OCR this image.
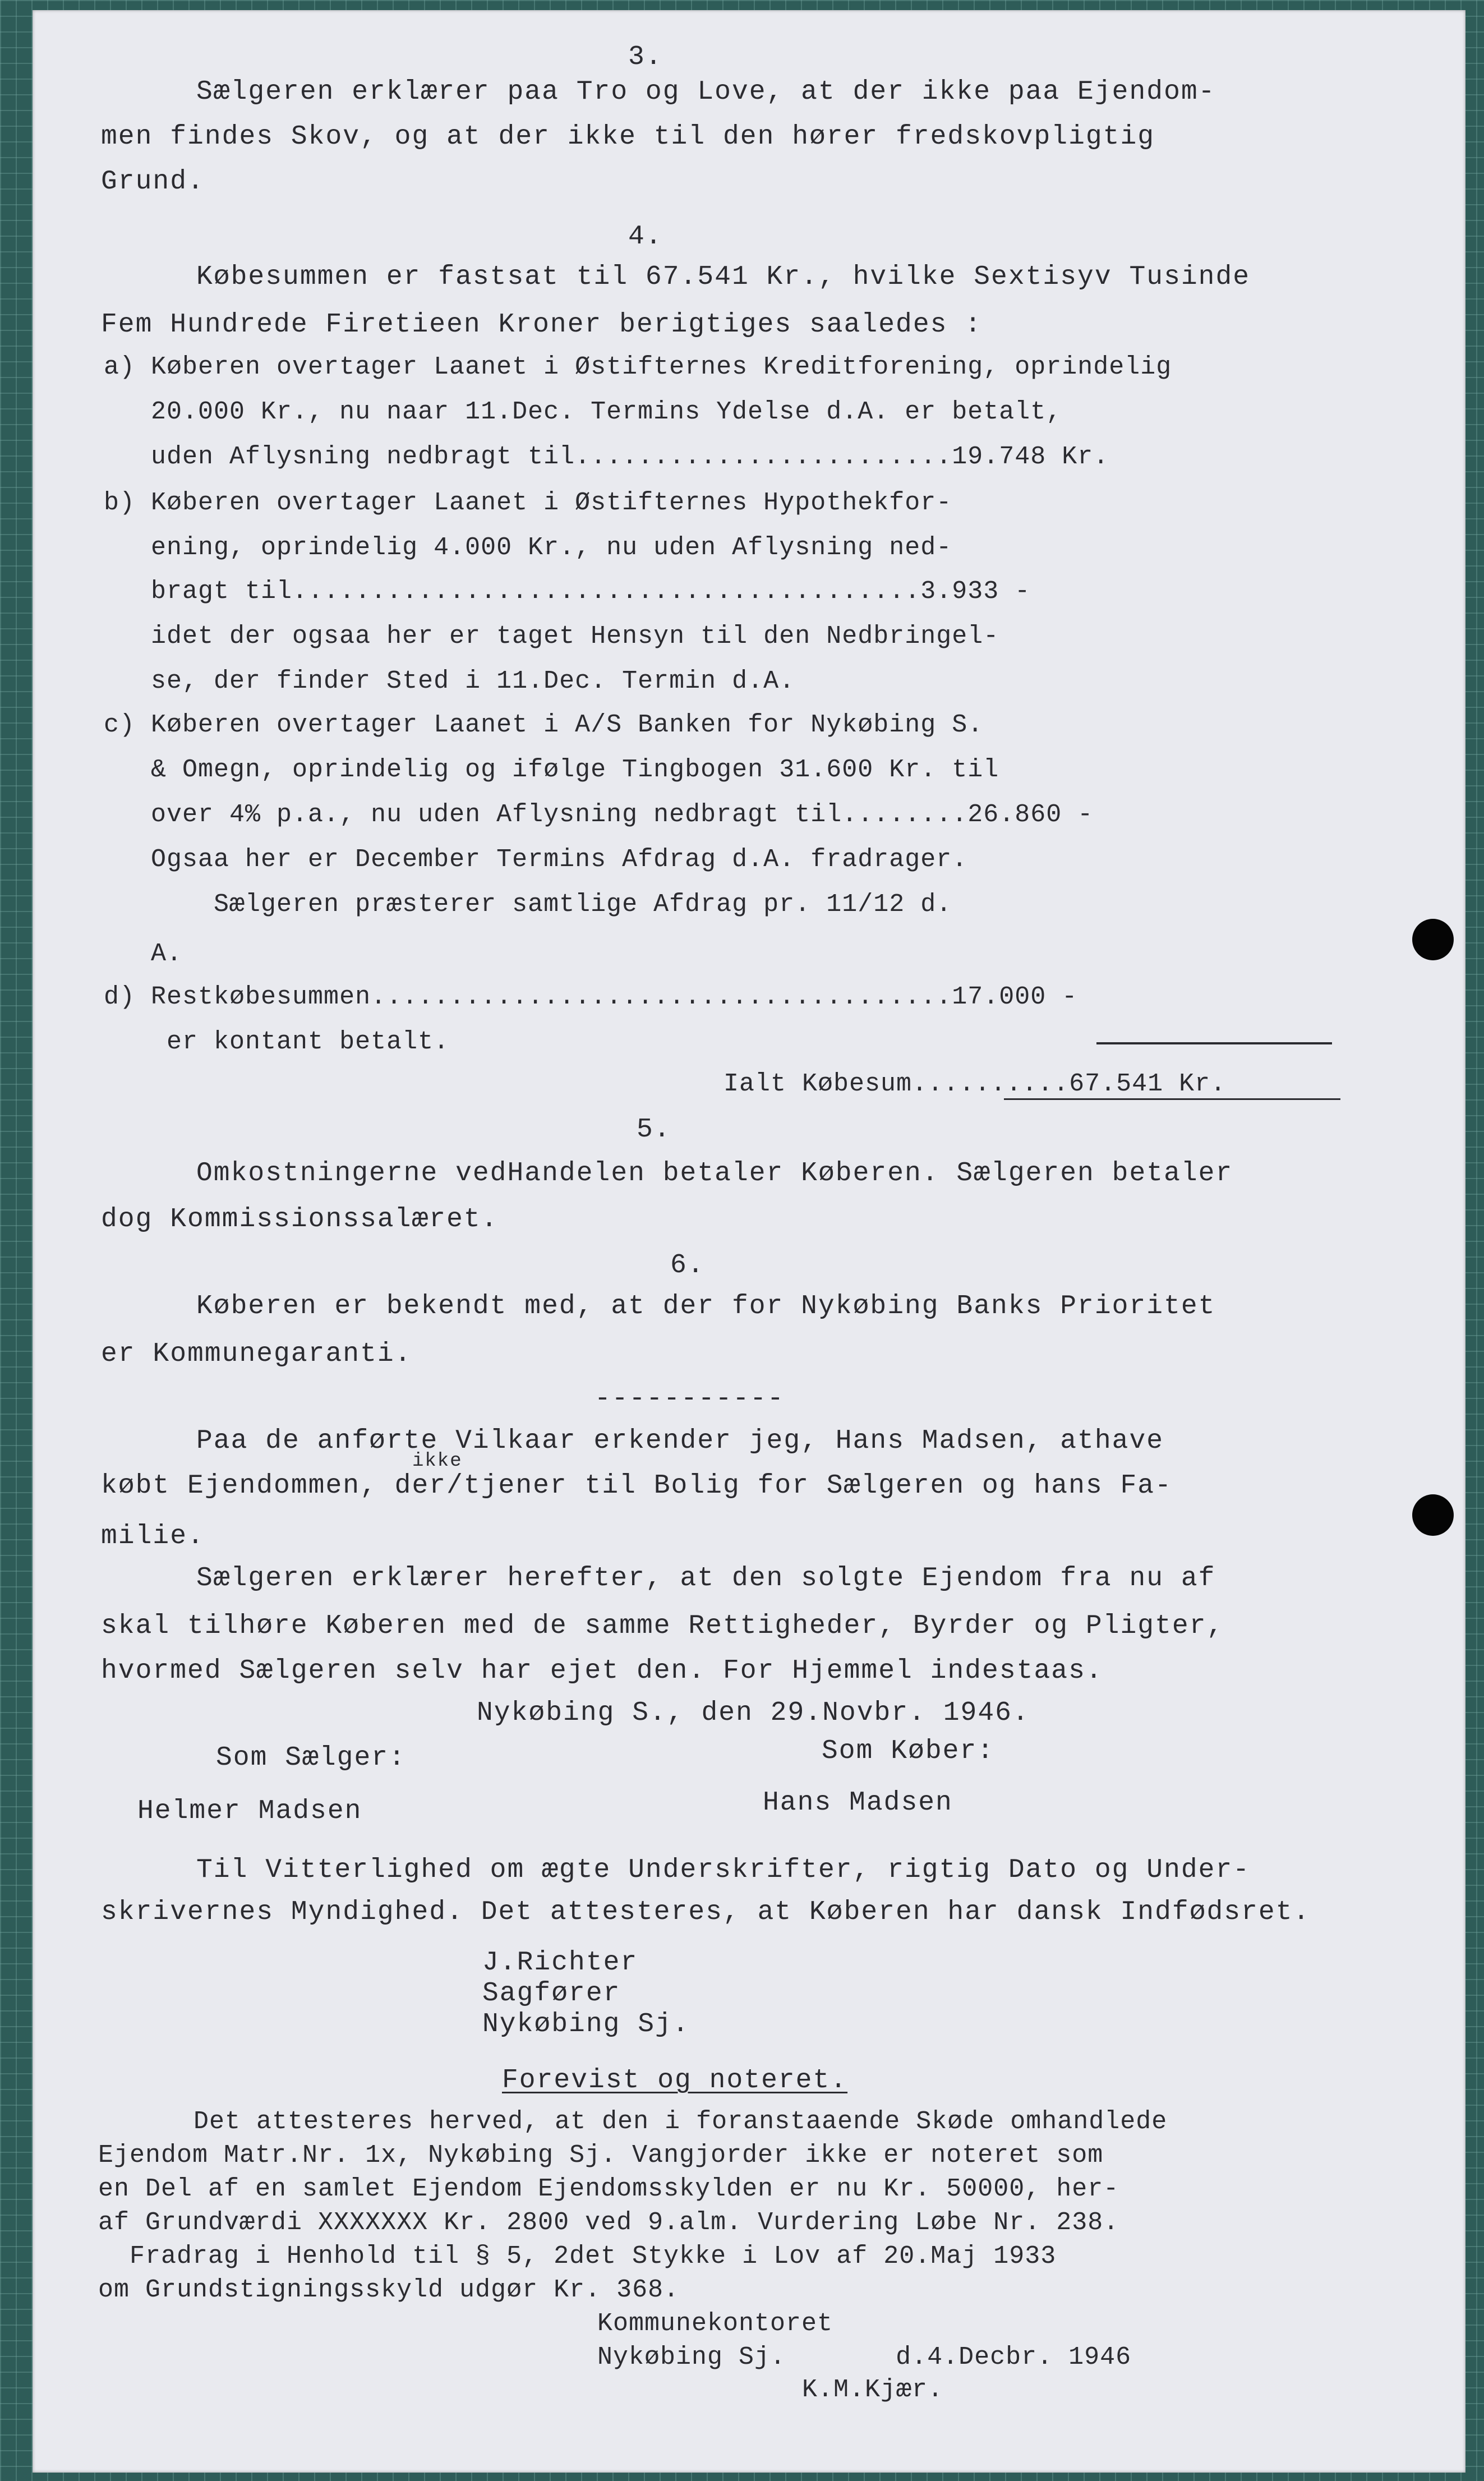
3.
Sælgeren erklærer paa Tro og Love, at der ikke paa Ejendom-
men findes Skov, og at der ikke til den hører fredskovpligtig
Grund.
4.
Købesummen er fastsat til 67.541 Kr., hvilke Sextisyv Tusinde
Fem Hundrede Firetieen Kroner berigtiges saaledes :
a) Køberen overtager Laanet i Østifternes Kreditforening, oprindelig
20.000 Kr., nu naar 11.Dec. Termins Ydelse d.A. er betalt,
uden Aflysning nedbragt til........................19.748 Kr.
b) Køberen overtager Laanet i Østifternes Hypothekfor-
ening, oprindelig 4.000 Kr., nu uden Aflysning ned-
bragt til........................................3.933 -
idet der ogsaa her er taget Hensyn til den Nedbringel-
se, der finder Sted i 11.Dec. Termin d.A.
c) Køberen overtager Laanet i A/S Banken for Nykøbing S.
& Omegn, oprindelig og ifølge Tingbogen 31.600 Kr. til
over 4% p.a., nu uden Aflysning nedbragt til........26.860 -
Ogsaa her er December Termins Afdrag d.A. fradrager.
Sælgeren præsterer samtlige Afdrag pr. 11/12 d.
A.
d) Restkøbesummen.....................................17.000 -
er kontant betalt.
Ialt Købesum..........67.541 Kr.
5.
Omkostningerne vedHandelen betaler Køberen. Sælgeren betaler
dog Kommissionssalæret.
6.
Køberen er bekendt med, at der for Nykøbing Banks Prioritet
er Kommunegaranti.
-----------
ikke
Paa de anførte Vilkaar erkender jeg, Hans Madsen, athave
købt Ejendommen, der/tjener til Bolig for Sælgeren og hans Fa-
milie.
Sælgeren erklærer herefter, at den solgte Ejendom fra nu af
skal tilhøre Køberen med de samme Rettigheder, Byrder og Pligter,
hvormed Sælgeren selv har ejet den. For Hjemmel indestaas.
Nykøbing S., den 29.Novbr. 1946.
Som Sælger:	Som Køber:
Helmer Madsen	Hans Madsen
Til Vitterlighed om ægte Underskrifter, rigtig Dato og Under-
skrivernes Myndighed. Det attesteres, at Køberen har dansk Indfødsret.
J.Richter
Sagfører
Nykøbing Sj.
Forevist og noteret.
Det attesteres herved, at den i foranstaaende Skøde omhandlede
Ejendom Matr.Nr. 1x, Nykøbing Sj. Vangjorder ikke er noteret som
en Del af en samlet Ejendom Ejendomsskylden er nu Kr. 50000, her-
af Grundværdi XXXXXXX Kr. 2800 ved 9.alm. Vurdering Løbe Nr. 238.
Fradrag i Henhold til § 5, 2det Stykke i Lov af 20.Maj 1933
om Grundstigningsskyld udgør Kr. 368.
Kommunekontoret
Nykøbing Sj.       d.4.Decbr. 1946
K.M.Kjær.
